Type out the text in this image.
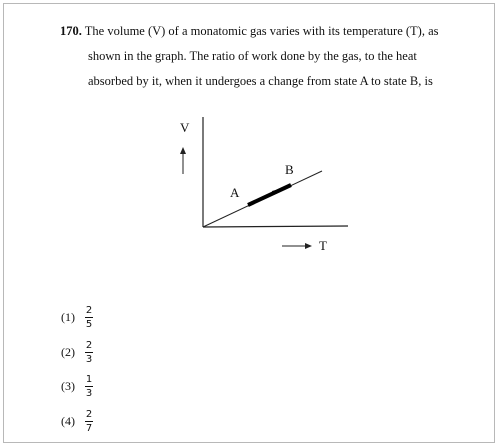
170. The volume (V) of a monatomic gas varies with its temperature (T), as
shown in the graph. The ratio of work done by the gas, to the heat
absorbed by it, when it undergoes a change from state A to state B, is
V
T
A
B
(1)	$\frac{2}{5}$
(2)	$\frac{2}{3}$
(3)	$\frac{1}{3}$
(4)	$\frac{2}{7}$
